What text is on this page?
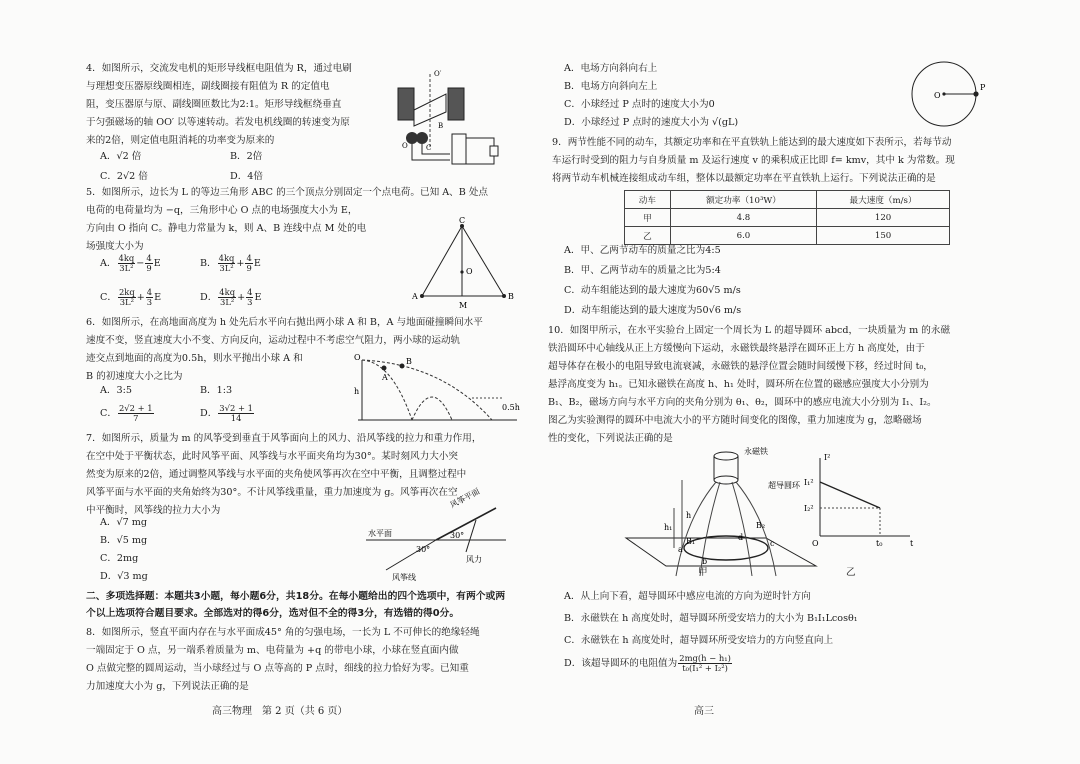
4．如图所示，交流发电机的矩形导线框电阻值为 R，通过电刷
与理想变压器原线圈相连，副线圈接有阻值为 R 的定值电
阻，变压器原与原、副线圈匝数比为2:1。矩形导线框绕垂直
于匀强磁场的轴 OO′ 以等速转动。若发电机线圈的转速变为原
来的2倍，则定值电阻消耗的功率变为原来的
A．√2 倍	B．2倍
C．2√2 倍	D．4倍
O′
O
B
C
5．如图所示，边长为 L 的等边三角形 ABC 的三个顶点分别固定一个点电荷。已知 A、B 处点
电荷的电荷量均为 −q，三角形中心 O 点的电场强度大小为 E，
方向由 O 指向 C。静电力常量为 k，则 A、B 连线中点 M 处的电
场强度大小为
A． $\frac{4kq}{\text{3L²}} - \frac{4}{9}$ E	B． $\frac{4kq}{\text{3L²}} + \frac{4}{9}$ E
C． $\frac{2kq}{\text{3L²}} + \frac{4}{3}$ E	D． $\frac{4kq}{\text{3L²}} + \frac{4}{3}$ E
C
A	B
O
M
6．如图所示，在高地面高度为 h 处先后水平向右抛出两小球 A 和 B，A 与地面碰撞瞬间水平
速度不变，竖直速度大小不变、方向反向，运动过程中不考虑空气阻力，两小球的运动轨
迹交点到地面的高度为0.5h，则水平抛出小球 A 和
B 的初速度大小之比为
A．3:5	B．1:3
C． $\frac{2√2 + 1}{7}$	D． $\frac{3√2 + 1}{14}$
O
h
A
B
0.5h
7．如图所示，质量为 m 的风筝受到垂直于风筝面向上的风力、沿风筝线的拉力和重力作用，
在空中处于平衡状态，此时风筝平面、风筝线与水平面夹角均为30°。某时刻风力大小突
然变为原来的2倍，通过调整风筝线与水平面的夹角使风筝再次在空中平衡，且调整过程中
风筝平面与水平面的夹角始终为30°。不计风筝线重量，重力加速度为 g。风筝再次在空
中平衡时，风筝线的拉力大小为
A．√7 mg
B．√5 mg
C．2mg
D．√3 mg
水平面
风筝平面
风力
风筝线
30°
30°
二、多项选择题：本题共3小题，每小题6分，共18分。在每小题给出的四个选项中，有两个或两
个以上选项符合题目要求。全部选对的得6分，选对但不全的得3分，有选错的得0分。
8．如图所示，竖直平面内存在与水平面成45° 角的匀强电场，一长为 L 不可伸长的绝缘轻绳
一端固定于 O 点，另一端系着质量为 m、电荷量为 +q 的带电小球，小球在竖直面内做
O 点做完整的圆周运动，当小球经过与 O 点等高的 P 点时，细线的拉力恰好为零。已知重
力加速度大小为 g，下列说法正确的是
高三物理　第 2 页（共 6 页）
A．电场方向斜向右上
B．电场方向斜向左上
C．小球经过 P 点时的速度大小为0
D．小球经过 P 点时的速度大小为 √(gL)
O
P
9．两节性能不同的动车，其额定功率和在平直铁轨上能达到的最大速度如下表所示，若每节动
车运行时受到的阻力与自身质量 m 及运行速度 v 的乘积成正比即 f= kmv，其中 k 为常数。现
将两节动车机械连接组成动车组，整体以最额定功率在平直铁轨上运行。下列说法正确的是
动车	额定功率（10³W）	最大速度（m/s）
甲	4.8	120
乙	6.0	150
A．甲、乙两节动车的质量之比为4:5
B．甲、乙两节动车的质量之比为5:4
C．动车组能达到的最大速度为60√5 m/s
D．动车组能达到的最大速度为50√6 m/s
10．如图甲所示，在水平实验台上固定一个周长为 L 的超导圆环 abcd，一块质量为 m 的永磁
铁沿圆环中心轴线从正上方缓慢向下运动，永磁铁最终悬浮在圆环正上方 h 高度处，由于
超导体存在极小的电阻导致电流衰减，永磁铁的悬浮位置会随时间缓慢下移，经过时间 t₀，
悬浮高度变为 h₁。已知永磁铁在高度 h、h₁ 处时，圆环所在位置的磁感应强度大小分别为
B₁、B₂，磁场方向与水平方向的夹角分别为 θ₁、θ₂，圆环中的感应电流大小分别为 I₁、I₂。
图乙为实验测得的圆环中电流大小的平方随时间变化的图像，重力加速度为 g，忽略磁场
性的变化，下列说法正确的是
永磁铁
超导圆环
h
h₁
a
b
c
d
B₁
B₂
甲
I²
I₁²
I₂²
O	t₀	t
乙
A．从上向下看，超导圆环中感应电流的方向为逆时针方向
B．永磁铁在 h 高度处时，超导圆环所受安培力的大小为 B₁I₁Lcosθ₁
C．永磁铁在 h 高度处时，超导圆环所受安培力的方向竖直向上
D．该超导圆环的电阻值为 $\frac{\text{2mg(h − h₁)}}{\text{t₀(I₁² + I₂²)}}$
高三
